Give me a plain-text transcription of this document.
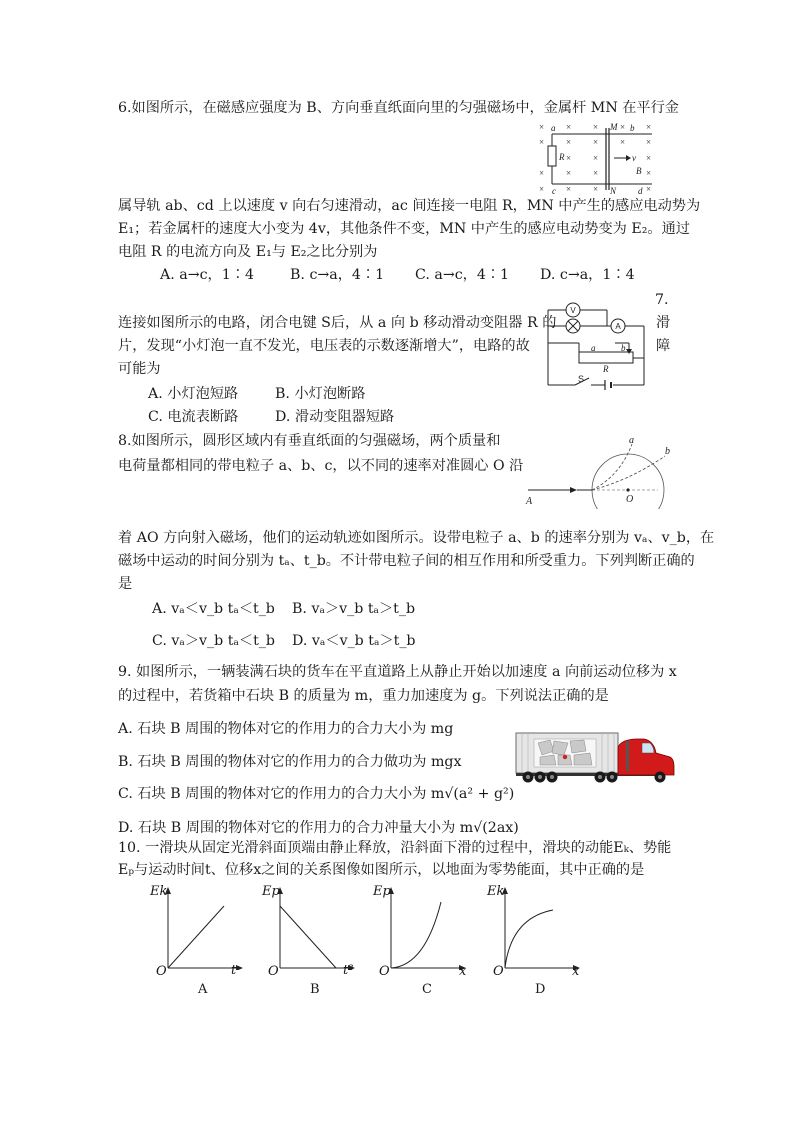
6.如图所示，在磁感应强度为 B、方向垂直纸面向里的匀强磁场中，金属杆 MN 在平行金
× × × × ×
× × × × ×
× ×	×
× × ×	×
× × ×	×
a	b
c	d
M
N
R	v
B
属导轨 ab、cd 上以速度 v 向右匀速滑动，ac 间连接一电阻 R，MN 中产生的感应电动势为
E₁；若金属杆的速度大小变为 4v，其他条件不变，MN 中产生的感应电动势变为 E₂。通过
电阻 R 的电流方向及 E₁与 E₂之比分别为
A. a→c，1∶4	B. c→a，4∶1 C. a→c，4∶1 D. c→a，1∶4
7.
连接如图所示的电路，闭合电键 S后，从 a 向 b 移动滑动变阻器 R 的	滑
片，发现“小灯泡一直不发光，电压表的示数逐渐增大”，电路的故	障
可能为
V
A
a	b
R
S
A. 小灯泡短路	B. 小灯泡断路
C. 电流表断路	D. 滑动变阻器短路
8.如图所示，圆形区域内有垂直纸面的匀强磁场，两个质量和
电荷量都相同的带电粒子 a、b、c，以不同的速率对准圆心 O 沿
A	O
a
b
着 AO 方向射入磁场，他们的运动轨迹如图所示。设带电粒子 a、b 的速率分别为 vₐ、v_b，在
磁场中运动的时间分别为 tₐ、t_b。不计带电粒子间的相互作用和所受重力。下列判断正确的
是
A. vₐ＜v_b tₐ＜t_b B. vₐ＞v_b tₐ＞t_b
C. vₐ＞v_b tₐ＜t_b D. vₐ＜v_b tₐ＞t_b
9. 如图所示，一辆装满石块的货车在平直道路上从静止开始以加速度 a 向前运动位移为 x
的过程中，若货箱中石块 B 的质量为 m，重力加速度为 g。下列说法正确的是
A. 石块 B 周围的物体对它的作用力的合力大小为 mg
B. 石块 B 周围的物体对它的作用力的合力做功为 mgx
C. 石块 B 周围的物体对它的作用力的合力大小为 m√(a² + g²)
D. 石块 B 周围的物体对它的作用力的合力冲量大小为 m√(2ax)
10. 一滑块从固定光滑斜面顶端由静止释放，沿斜面下滑的过程中，滑块的动能Eₖ、势能
Eₚ与运动时间t、位移x之间的关系图像如图所示，以地面为零势能面，其中正确的是
Ek
O	t
A
Ep
O	t²
B
Ep
O	x
C
Ek
O	x
D
